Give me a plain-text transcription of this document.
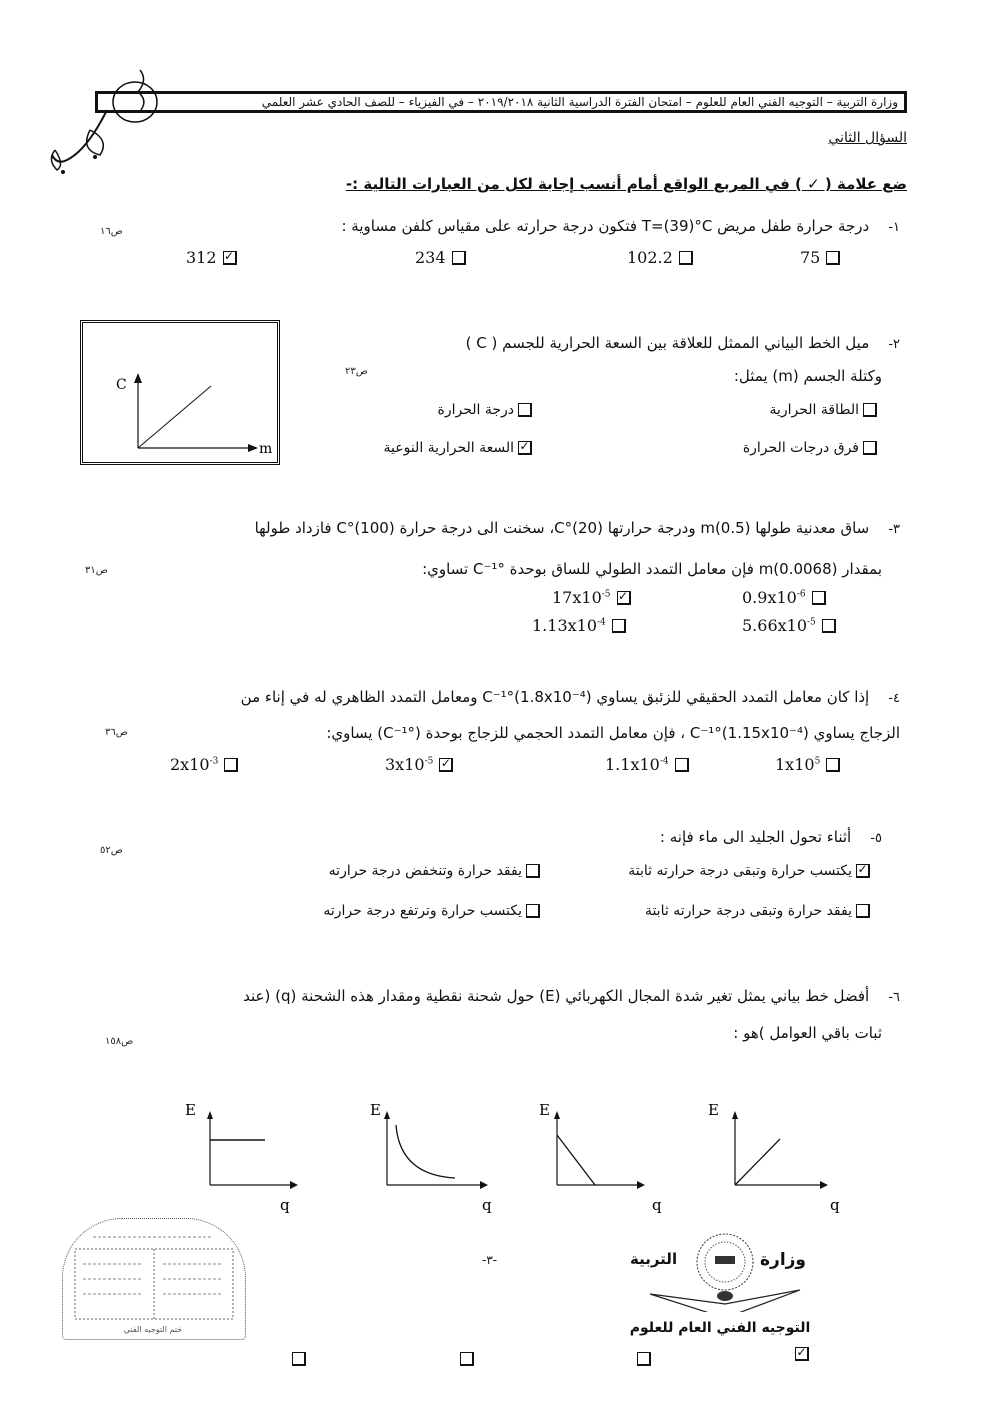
وزارة التربية – التوجيه الفني العام للعلوم – امتحان الفترة الدراسية الثانية ٢٠١٩/٢٠١٨ – في الفيزياء – للصف الحادي عشر العلمي
السؤال الثاني
ضع علامة ( ✓ ) في المربع الواقع أمام أنسب إجابة لكل من العبارات التالية :-
١-    درجة حرارة طفل مريض T=(39)°C فتكون درجة حرارته على مقياس كلفن مساوية :
ص١٦
75
102.2
234
312
✓
C
m
٢-    ميل الخط البياني الممثل للعلاقة بين السعة الحرارية للجسم ( C )
وكتلة الجسم (m) يمثل:
ص٢٣
الطاقة الحرارية
درجة الحرارة
فرق درجات الحرارة
✓
السعة الحرارية النوعية
٣-    ساق معدنية طولها m(0.5) ودرجة حرارتها C°(20)، سخنت الى درجة حرارة C°(100) فازداد طولها
بمقدار m(0.0068) فإن معامل التمدد الطولي للساق بوحدة C⁻¹° تساوي:
ص٣١
$0.9x10^{-6}$
$17x10^{-5}$
✓
$5.66x10^{-5}$
$1.13x10^{-4}$
٤-    إذا كان معامل التمدد الحقيقي للزئبق يساوي C⁻¹°(1.8x10⁻⁴) ومعامل التمدد الظاهري له في إناء من
الزجاج يساوي C⁻¹°(1.15x10⁻⁴) ، فإن معامل التمدد الحجمي للزجاج بوحدة (C⁻¹°) يساوي:
ص٣٦
$1x10^5$
$1.1x10^{-4}$
$3x10^{-5}$
✓
$2x10^{-3}$
٥-    أثناء تحول الجليد الى ماء فإنه :
ص٥٢
✓
يكتسب حرارة وتبقى درجة حرارته ثابتة
يفقد حرارة وتنخفض درجة حرارته
يفقد حرارة وتبقى درجة حرارته ثابتة
يكتسب حرارة وترتفع درجة حرارته
٦-    أفضل خط بياني يمثل تغير شدة المجال الكهربائي (E) حول شحنة نقطية ومقدار هذه الشحنة (q) (عند
ثبات باقي العوامل )هو :
ص١٥٨
E
q

E
q

E
q

E
q
✓
ختم التوجيه الفني
-٣-	وزارة
التربية
التوجيه الفني العام للعلوم
